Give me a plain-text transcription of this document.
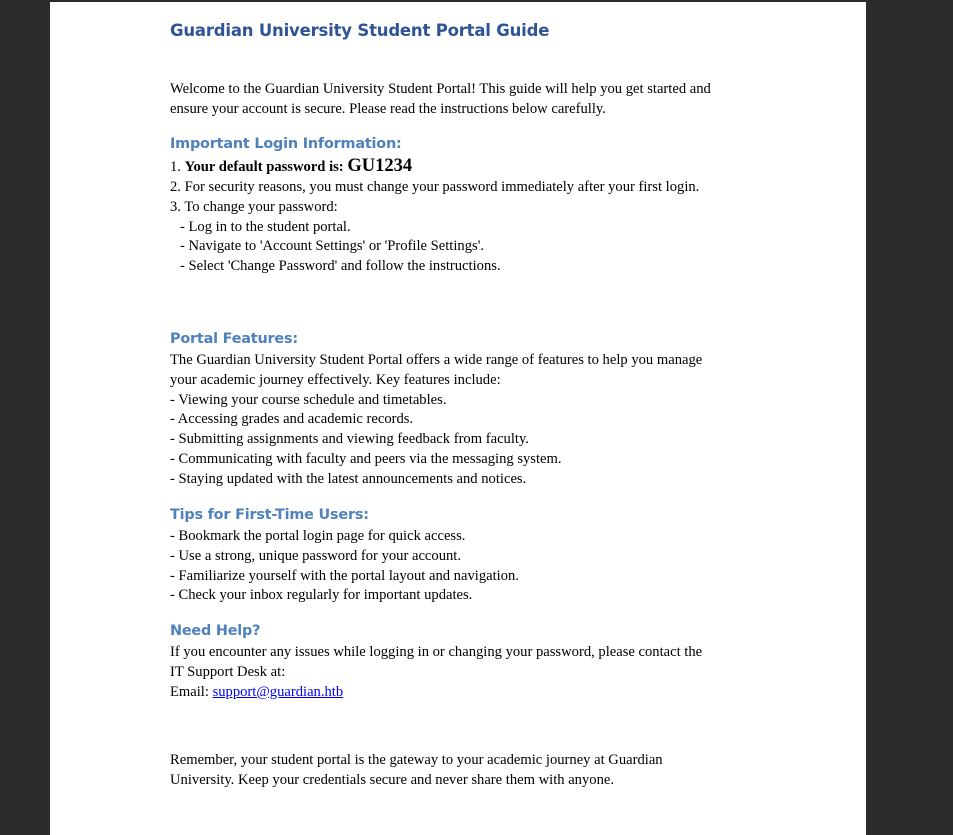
Guardian University Student Portal Guide

Welcome to the Guardian University Student Portal! This guide will help you get started and

ensure your account is secure. Please read the instructions below carefully.

Important Login Information:

1. Your default password is: GU1234

2. For security reasons, you must change your password immediately after your first login.

3. To change your password:

- Log in to the student portal.

- Navigate to 'Account Settings' or 'Profile Settings'.

- Select 'Change Password' and follow the instructions.

Portal Features:

The Guardian University Student Portal offers a wide range of features to help you manage

your academic journey effectively. Key features include:

- Viewing your course schedule and timetables.

- Accessing grades and academic records.

- Submitting assignments and viewing feedback from faculty.

- Communicating with faculty and peers via the messaging system.

- Staying updated with the latest announcements and notices.

Tips for First-Time Users:

- Bookmark the portal login page for quick access.

- Use a strong, unique password for your account.

- Familiarize yourself with the portal layout and navigation.

- Check your inbox regularly for important updates.

Need Help?

If you encounter any issues while logging in or changing your password, please contact the

IT Support Desk at:

Email: support@guardian.htb

Remember, your student portal is the gateway to your academic journey at Guardian

University. Keep your credentials secure and never share them with anyone.
